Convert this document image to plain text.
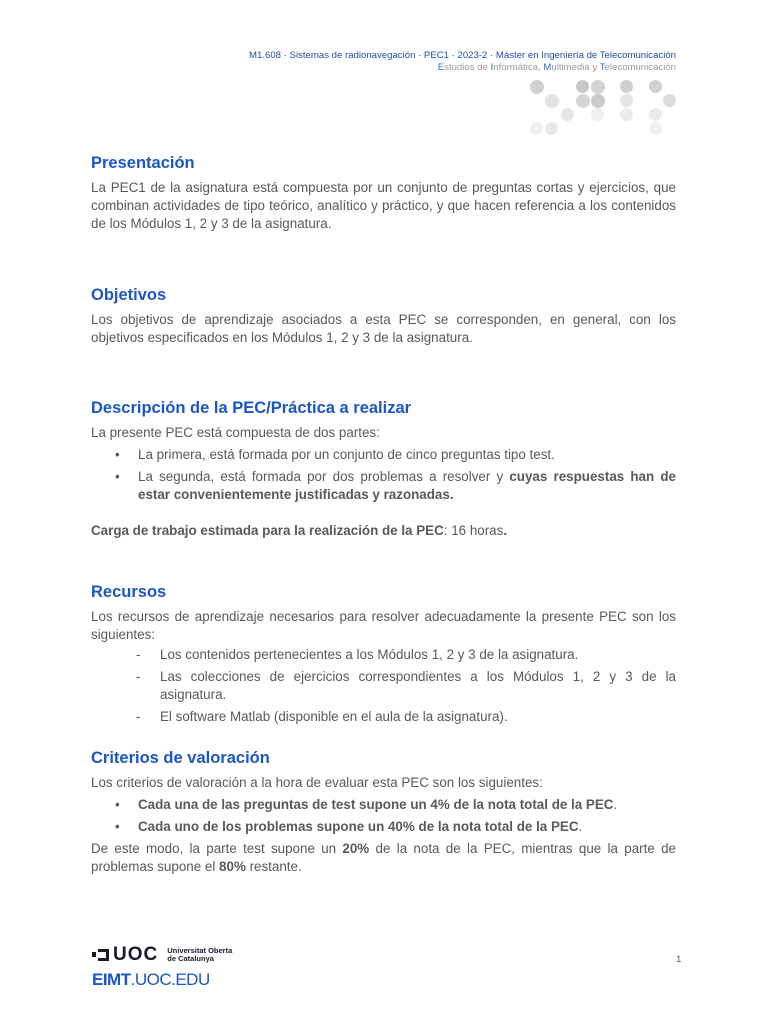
M1.608 · Sistemas de radionavegación · PEC1 · 2023-2 · Máster en Ingeniería de Telecomunicación
Estudios de Informática, Multimedia y Telecomunicación
Presentación

La PEC1 de la asignatura está compuesta por un conjunto de preguntas cortas y ejercicios, que combinan actividades de tipo teórico, analítico y práctico, y que hacen referencia a los contenidos de los Módulos 1, 2 y 3 de la asignatura.

Objetivos

Los objetivos de aprendizaje asociados a esta PEC se corresponden, en general, con los objetivos especificados en los Módulos 1, 2 y 3 de la asignatura.

Descripción de la PEC/Práctica a realizar

La presente PEC está compuesta de dos partes:

• La primera, está formada por un conjunto de cinco preguntas tipo test.
• La segunda, está formada por dos problemas a resolver y cuyas respuestas han de estar convenientemente justificadas y razonadas.

Carga de trabajo estimada para la realización de la PEC: 16 horas.

Recursos

Los recursos de aprendizaje necesarios para resolver adecuadamente la presente PEC son los siguientes:

- Los contenidos pertenecientes a los Módulos 1, 2 y 3 de la asignatura.
- Las colecciones de ejercicios correspondientes a los Módulos 1, 2 y 3 de la asignatura.
- El software Matlab (disponible en el aula de la asignatura).
Criterios de valoración

Los criterios de valoración a la hora de evaluar esta PEC son los siguientes:

• Cada una de las preguntas de test supone un 4% de la nota total de la PEC.
• Cada uno de los problemas supone un 40% de la nota total de la PEC.

De este modo, la parte test supone un 20% de la nota de la PEC, mientras que la parte de problemas supone el 80% restante.

UOC Universitat Oberta
de Catalunya
EIMT.UOC.EDU
1
